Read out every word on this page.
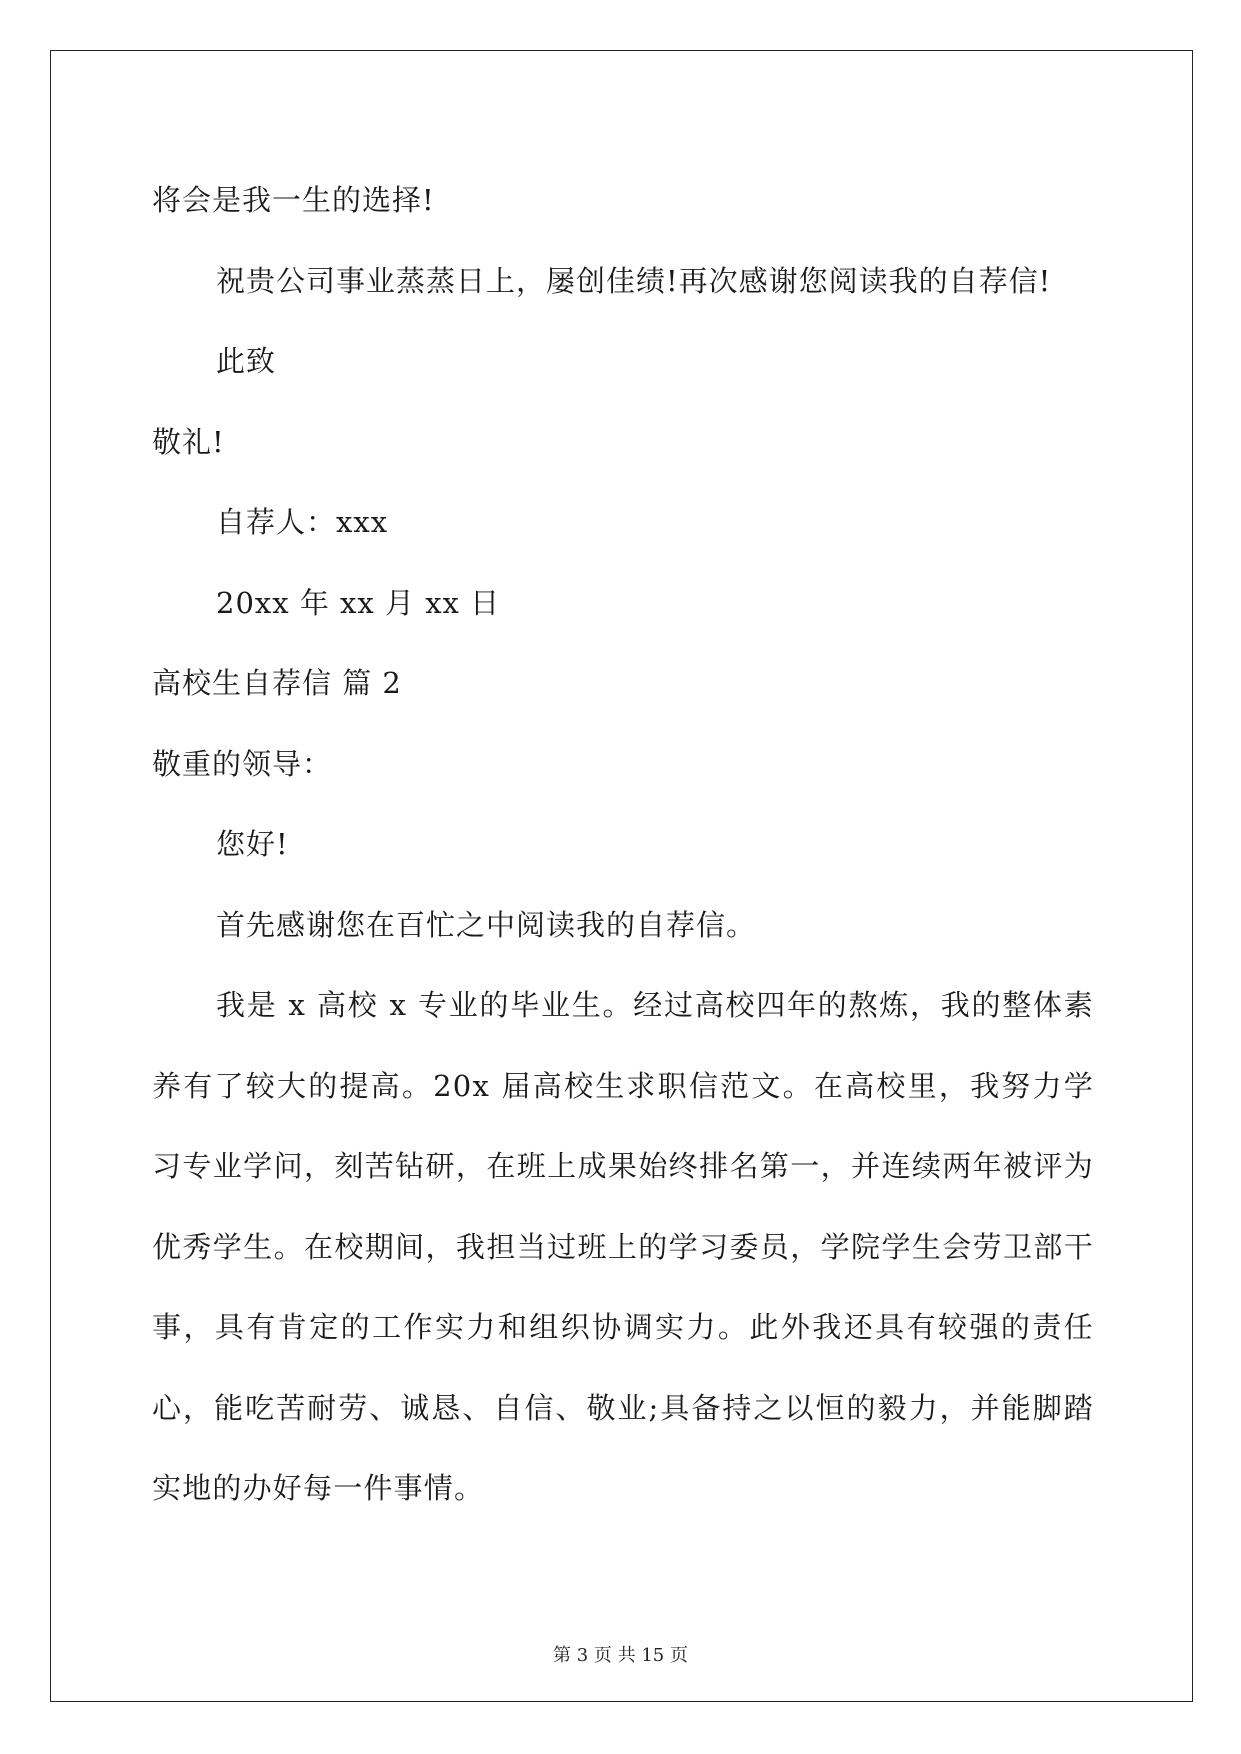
将会是我一生的选择!
祝贵公司事业蒸蒸日上，屡创佳绩!再次感谢您阅读我的自荐信!
此致
敬礼!
自荐人：xxx
20xx 年 xx 月 xx 日
高校生自荐信 篇 2
敬重的领导：
您好!
首先感谢您在百忙之中阅读我的自荐信。

我是 x 高校 x 专业的毕业生。经过高校四年的熬炼，我的整体素养有了较大的提高。20x 届高校生求职信范文。在高校里，我努力学习专业学问，刻苦钻研，在班上成果始终排名第一，并连续两年被评为优秀学生。在校期间，我担当过班上的学习委员，学院学生会劳卫部干事，具有肯定的工作实力和组织协调实力。此外我还具有较强的责任心，能吃苦耐劳、诚恳、自信、敬业;具备持之以恒的毅力，并能脚踏实地的办好每一件事情。

第 3 页 共 15 页
